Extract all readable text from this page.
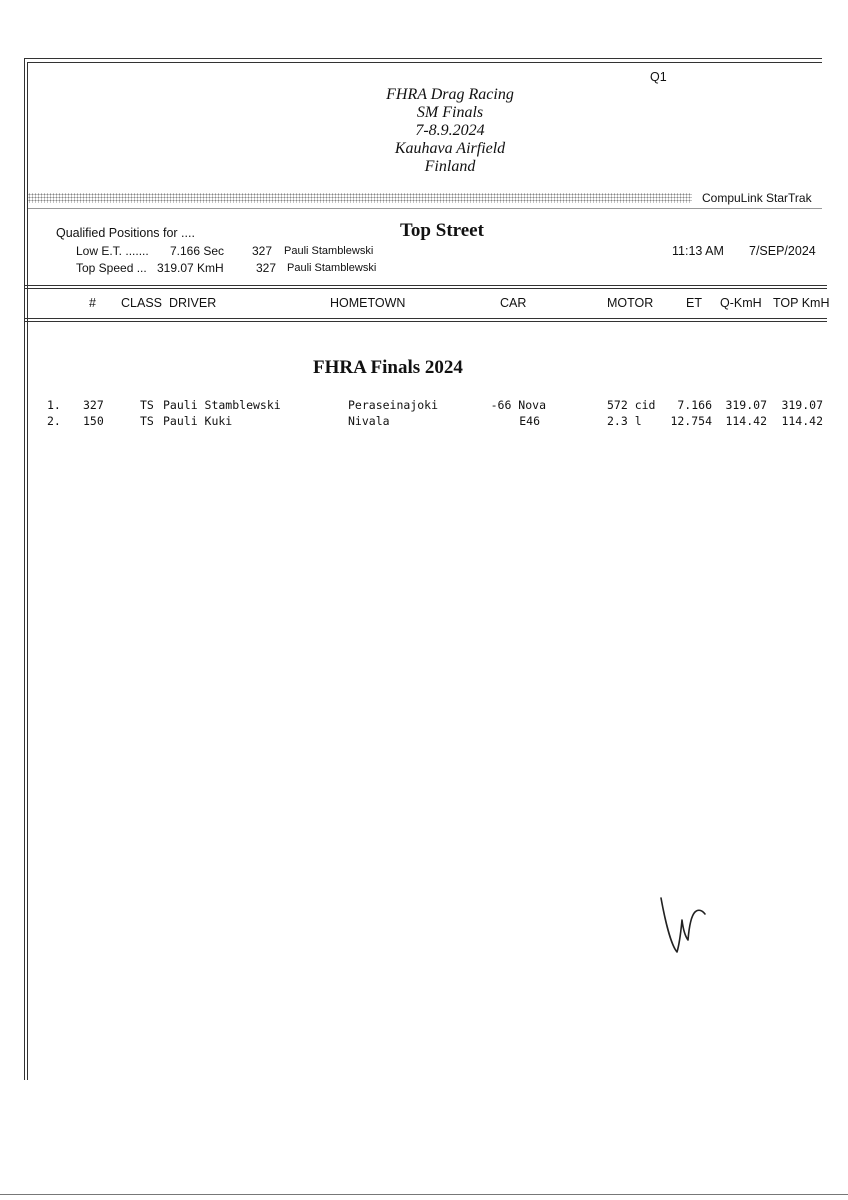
Q1
FHRA Drag Racing
SM Finals
7-8.9.2024
Kauhava Airfield
Finland
CompuLink StarTrak
Qualified Positions for ....	Top Street
Low E.T. ....... 7.166 Sec 327 Pauli Stamblewski
Top Speed ... 319.07 KmH	327 Pauli Stamblewski
11:13 AM 7/SEP/2024
# CLASS DRIVER	HOMETOWN	CAR	MOTOR	ET Q-KmH TOP KmH
FHRA Finals 2024
1. 327	TS Pauli Stamblewski	Peraseinajoki	-66 Nova	572 cid	7.166	319.07	319.07
2. 150	TS Pauli Kuki	Nivala	E46	2.3 l	12.754	114.42	114.42
